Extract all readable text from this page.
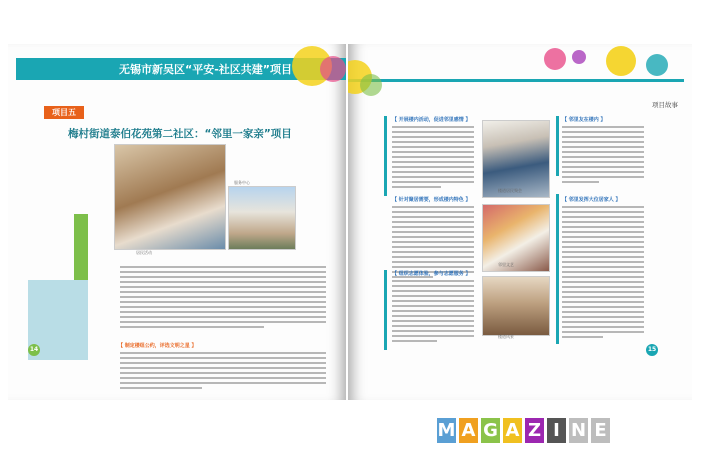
无锡市新吴区“平安-社区共建”项目
项目五
梅村街道泰伯花苑第二社区：“邻里一家亲”项目
居民活动
服务中心
【 制定楼组公约，评选文明之星 】
14
项目故事
【 开展楼内活动，促进邻里感情 】
【 针对聚居需要，形成楼内特色 】
【 组织志愿体验，参与志愿服务 】
楼道居民聚会
邻里文艺
楼道风景
【 邻里友在楼内 】
【 邻里发挥大位居家人 】
15
M A G A Z I N E
